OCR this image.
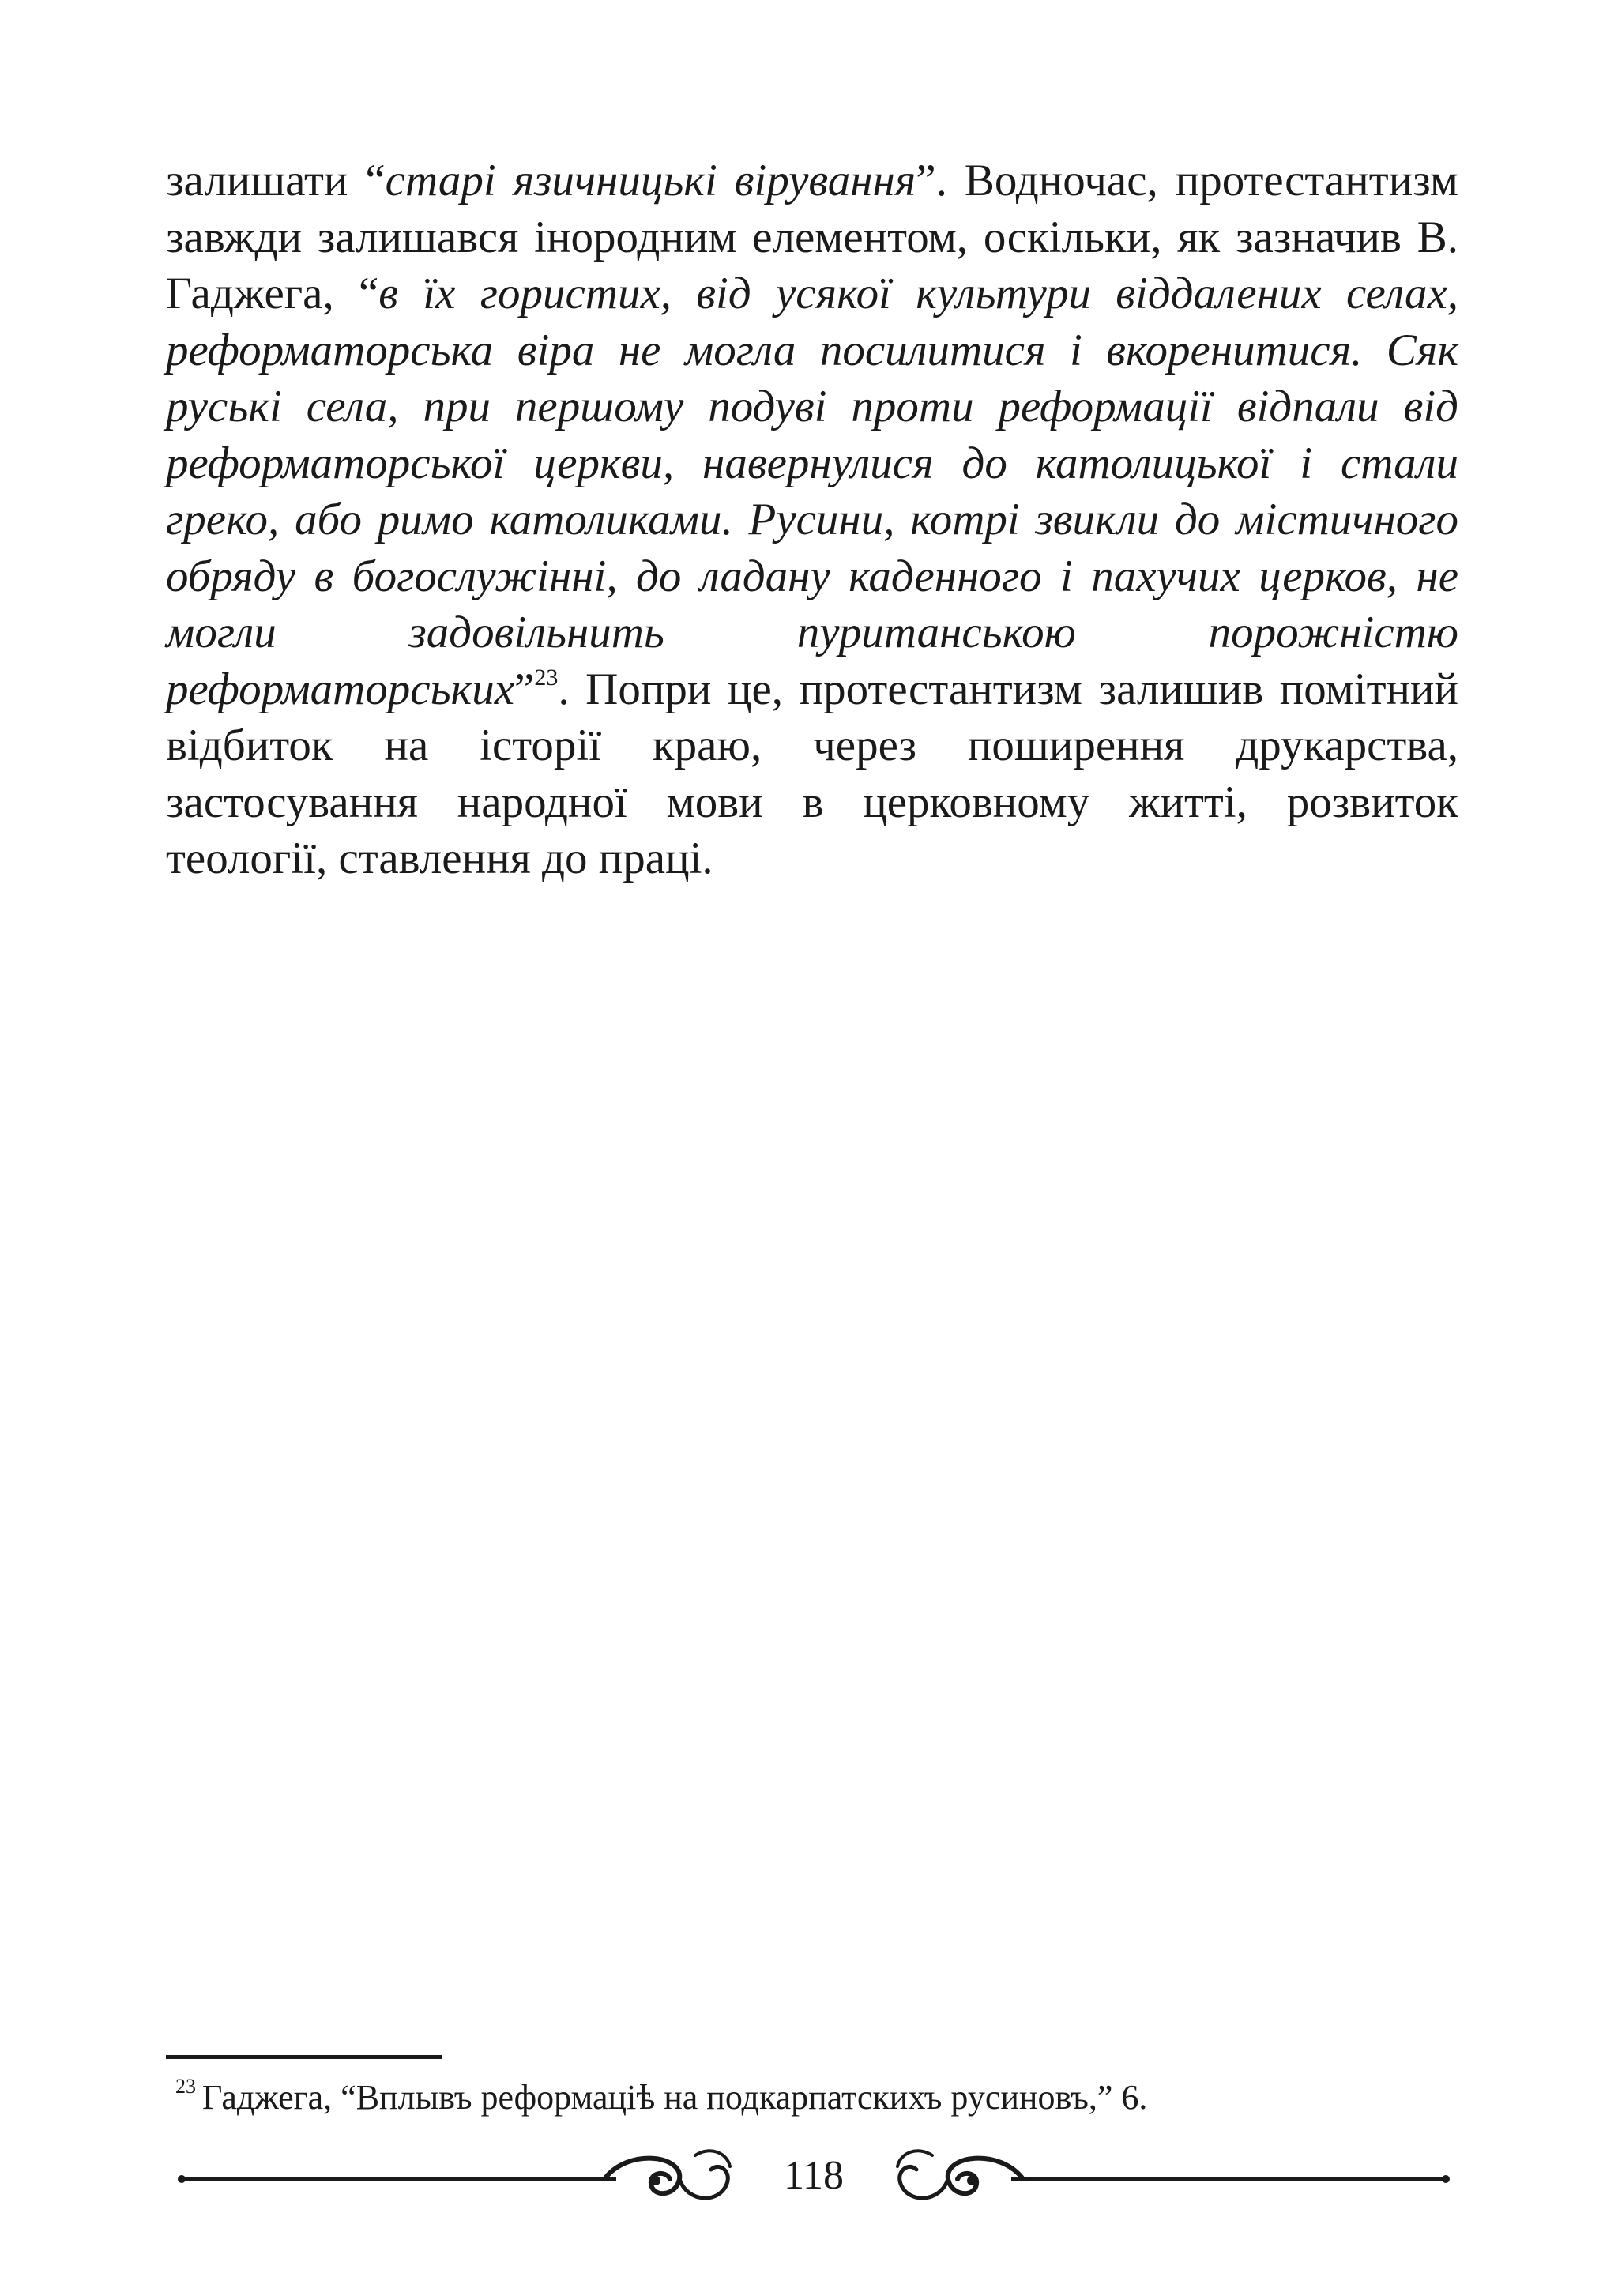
залишати “старі язичницькі вірування”. Водночас, протестантизм завжди залишався інородним елементом, оскільки, як зазначив В. Гаджега, “в їх гористих, від усякої культури віддалених селах, реформаторська віра не могла посилитися і вкоренитися. Сяк руські села, при першому подуві проти реформації відпали від реформаторської церкви, навернулися до католицької і стали греко, або римо католиками. Русини, котрі звикли до містичного обряду в богослужінні, до ладану каденного і пахучих церков, не могли задовільнить пуританською порожністю реформаторських”$^{23}$. Попри це, протестантизм залишив помітний відбиток на історії краю, через поширення друкарства, застосування народної мови в церковному житті, розвиток теології, ставлення до праці.

$^{23}$ Гаджега, “Вплывъ реформаціѣ на подкарпатскихъ русиновъ,” 6.

118
